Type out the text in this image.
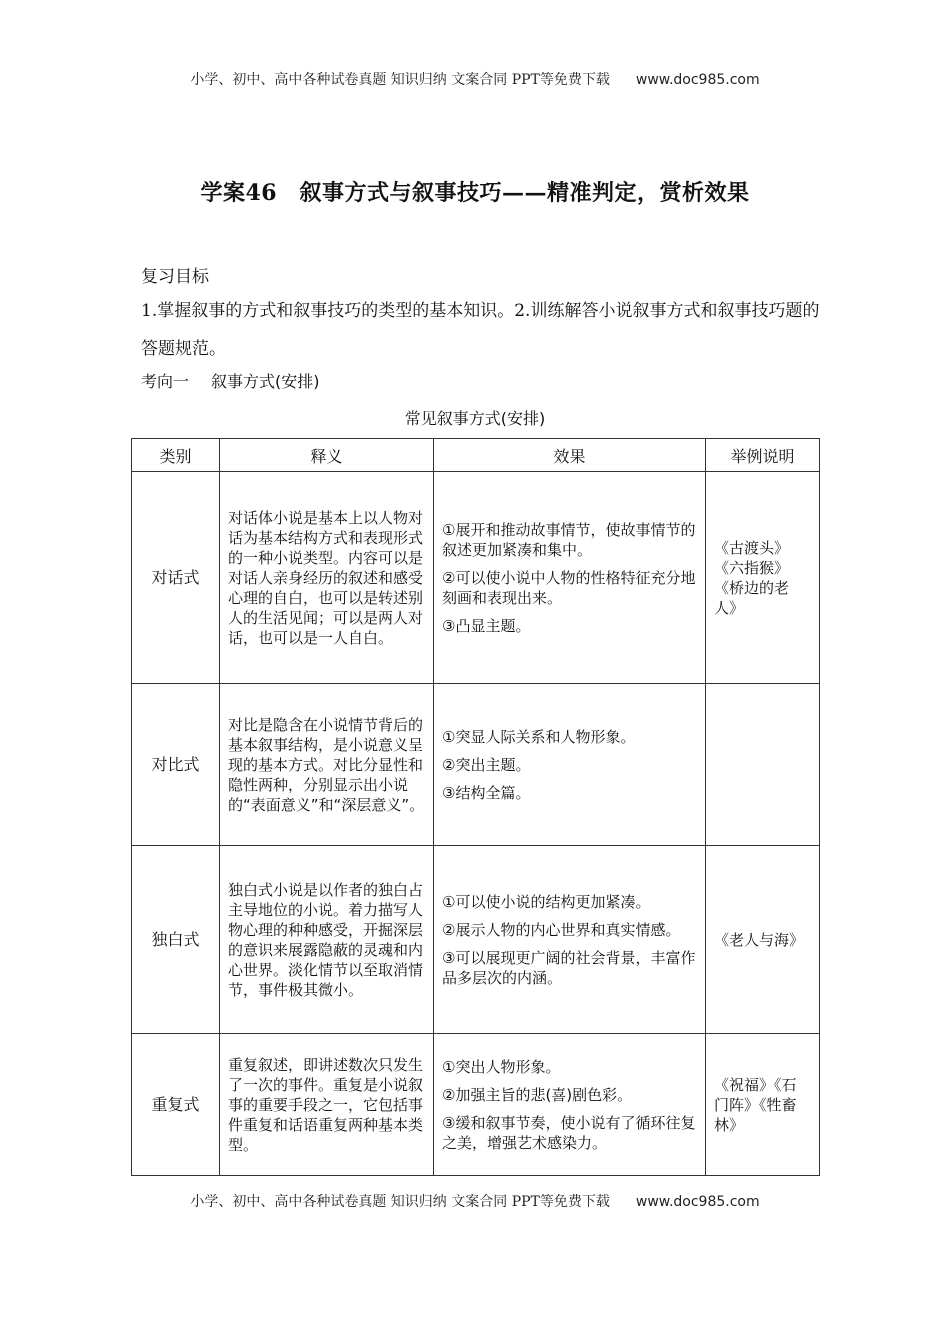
小学、初中、高中各种试卷真题 知识归纳 文案合同 PPT等免费下载 www.doc985.com
学案46　叙事方式与叙事技巧——精准判定，赏析效果
复习目标
1.掌握叙事的方式和叙事技巧的类型的基本知识。2.训练解答小说叙事方式和叙事技巧题的答题规范。
考向一 叙事方式(安排)
常见叙事方式(安排)
类别	释义	效果	举例说明
对话式	对话体小说是基本上以人物对话为基本结构方式和表现形式的一种小说类型。内容可以是对话人亲身经历的叙述和感受心理的自白，也可以是转述别人的生活见闻；可以是两人对话，也可以是一人自白。	①展开和推动故事情节，使故事情节的叙述更加紧凑和集中。

②可以使小说中人物的性格特征充分地刻画和表现出来。

③凸显主题。	《古渡头》《六指猴》《桥边的老人》
对比式	对比是隐含在小说情节背后的基本叙事结构，是小说意义呈现的基本方式。对比分显性和隐性两种，分别显示出小说的“表面意义”和“深层意义”。	①突显人际关系和人物形象。

②突出主题。

③结构全篇。	

独白式	独白式小说是以作者的独白占主导地位的小说。着力描写人物心理的种种感受，开掘深层的意识来展露隐蔽的灵魂和内心世界。淡化情节以至取消情节，事件极其微小。	①可以使小说的结构更加紧凑。

②展示人物的内心世界和真实情感。

③可以展现更广阔的社会背景，丰富作品多层次的内涵。	《老人与海》
重复式	重复叙述，即讲述数次只发生了一次的事件。重复是小说叙事的重要手段之一，它包括事件重复和话语重复两种基本类型。	①突出人物形象。

②加强主旨的悲(喜)剧色彩。

③缓和叙事节奏，使小说有了循环往复之美，增强艺术感染力。	《祝福》《石门阵》《牲畜林》
小学、初中、高中各种试卷真题 知识归纳 文案合同 PPT等免费下载 www.doc985.com
